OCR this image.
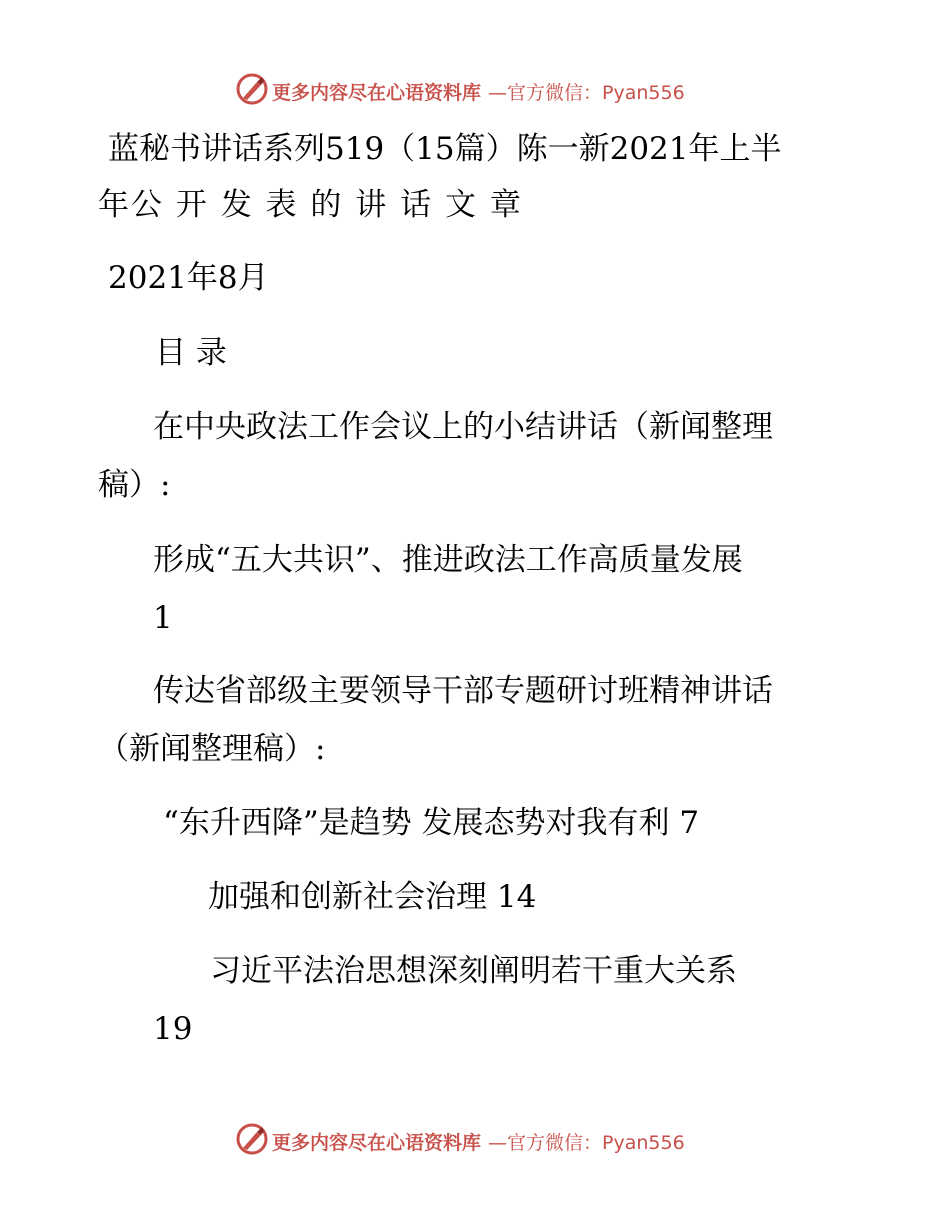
更多内容尽在心语资料库 —官方微信：Pyan556
蓝秘书讲话系列519（15篇）陈一新2021年上半
年公 开 发 表 的 讲 话 文 章
2021年8月
目 录
在中央政法工作会议上的小结讲话（新闻整理
稿）:
形成“五大共识”、推进政法工作高质量发展
1
传达省部级主要领导干部专题研讨班精神讲话
（新闻整理稿）:
“东升西降”是趋势 发展态势对我有利 7
加强和创新社会治理 14
习近平法治思想深刻阐明若干重大关系
19
更多内容尽在心语资料库 —官方微信：Pyan556
